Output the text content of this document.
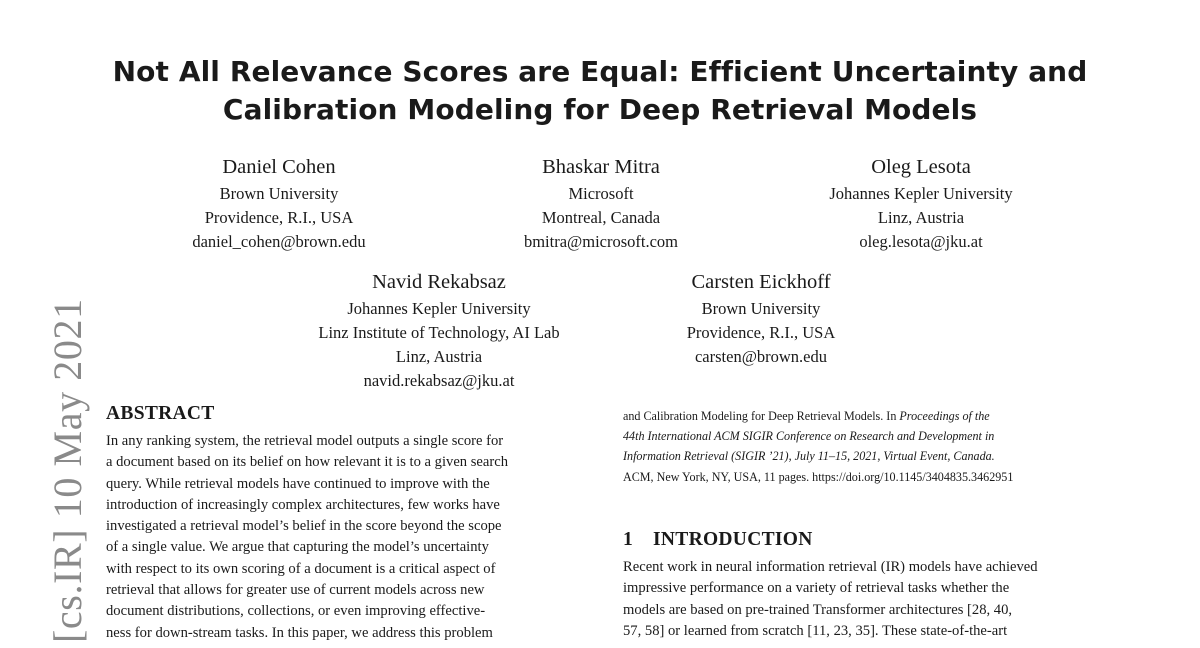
Not All Relevance Scores are Equal: Efficient Uncertainty and
Calibration Modeling for Deep Retrieval Models
Daniel Cohen
Brown University
Providence, R.I., USA
daniel_cohen@brown.edu
Bhaskar Mitra
Microsoft
Montreal, Canada
bmitra@microsoft.com
Oleg Lesota
Johannes Kepler University
Linz, Austria
oleg.lesota@jku.at
Navid Rekabsaz
Johannes Kepler University
Linz Institute of Technology, AI Lab
Linz, Austria
navid.rekabsaz@jku.at
Carsten Eickhoff
Brown University
Providence, R.I., USA
carsten@brown.edu
[cs.IR] 10 May 2021 ABSTRACT
In any ranking system, the retrieval model outputs a single score for
a document based on its belief on how relevant it is to a given search
query. While retrieval models have continued to improve with the
introduction of increasingly complex architectures, few works have
investigated a retrieval model’s belief in the score beyond the scope
of a single value. We argue that capturing the model’s uncertainty
with respect to its own scoring of a document is a critical aspect of
retrieval that allows for greater use of current models across new
document distributions, collections, or even improving effective-
ness for down-stream tasks. In this paper, we address this problem
and Calibration Modeling for Deep Retrieval Models. In Proceedings of the
44th International ACM SIGIR Conference on Research and Development in
Information Retrieval (SIGIR ’21), July 11–15, 2021, Virtual Event, Canada.
ACM, New York, NY, USA, 11 pages. https://doi.org/10.1145/3404835.3462951
1 INTRODUCTION
Recent work in neural information retrieval (IR) models have achieved
impressive performance on a variety of retrieval tasks whether the
models are based on pre-trained Transformer architectures [28, 40,
57, 58] or learned from scratch [11, 23, 35]. These state-of-the-art
